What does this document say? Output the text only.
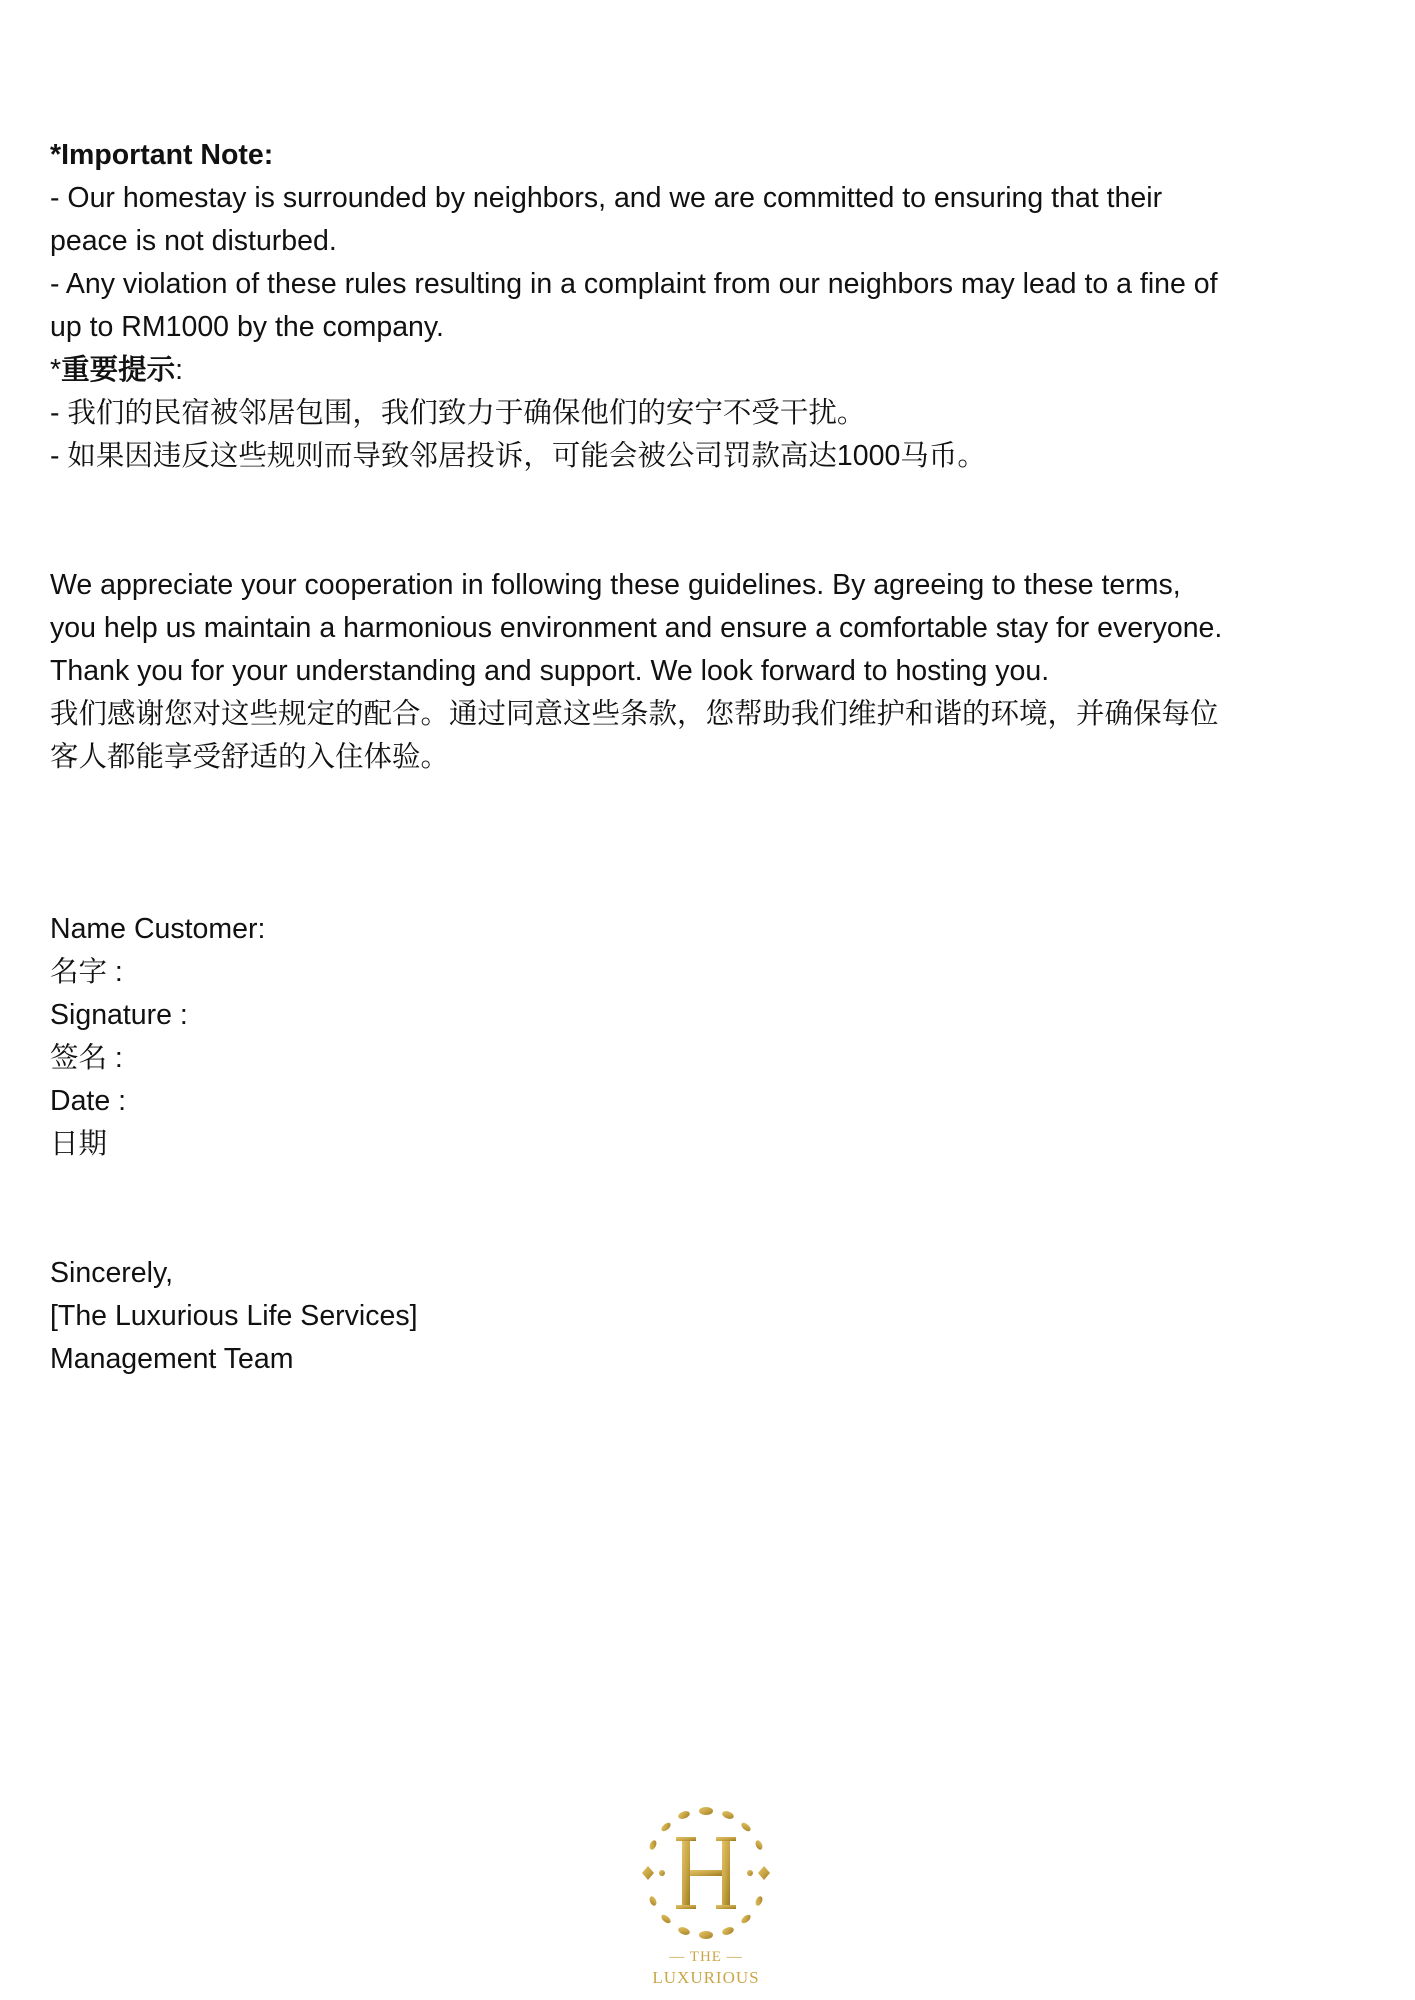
*Important Note:

- Our homestay is surrounded by neighbors, and we are committed to ensuring that their

peace is not disturbed.

- Any violation of these rules resulting in a complaint from our neighbors may lead to a fine of

up to RM1000 by the company.

*重要提示:

- 我们的民宿被邻居包围，我们致力于确保他们的安宁不受干扰。

- 如果因违反这些规则而导致邻居投诉，可能会被公司罚款高达1000马币。

We appreciate your cooperation in following these guidelines. By agreeing to these terms,

you help us maintain a harmonious environment and ensure a comfortable stay for everyone.

Thank you for your understanding and support. We look forward to hosting you.

我们感谢您对这些规定的配合。通过同意这些条款，您帮助我们维护和谐的环境，并确保每位

客人都能享受舒适的入住体验。

Name Customer:

名字 :

Signature :

签名 :

Date :

日期

Sincerely,

[The Luxurious Life Services]

Management Team

— THE —
LUXURIOUS
